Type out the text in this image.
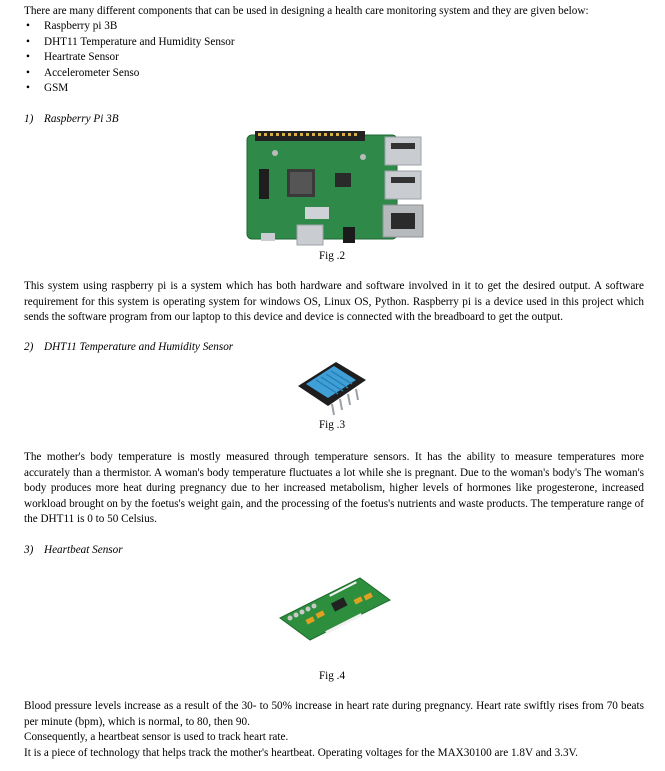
There are many different components that can be used in designing a health care monitoring system and they are given below:

• Raspberry pi 3B
• DHT11 Temperature and Humidity Sensor
• Heartrate Sensor
• Accelerometer Senso
• GSM
1) Raspberry Pi 3B
Fig .2

This system using raspberry pi is a system which has both hardware and software involved in it to get the desired output. A software requirement for this system is operating system for windows OS, Linux OS, Python. Raspberry pi is a device used in this project which sends the software program from our laptop to this device and device is connected with the breadboard to get the output.

2) DHT11 Temperature and Humidity Sensor
Fig .3

The mother's body temperature is mostly measured through temperature sensors. It has the ability to measure temperatures more accurately than a thermistor. A woman's body temperature fluctuates a lot while she is pregnant. Due to the woman's body's The woman's body produces more heat during pregnancy due to her increased metabolism, higher levels of hormones like progesterone, increased workload brought on by the foetus's weight gain, and the processing of the foetus's nutrients and waste products. The temperature range of the DHT11 is 0 to 50 Celsius.

3) Heartbeat Sensor
Fig .4

Blood pressure levels increase as a result of the 30- to 50% increase in heart rate during pregnancy. Heart rate swiftly rises from 70 beats per minute (bpm), which is normal, to 80, then 90.

Consequently, a heartbeat sensor is used to track heart rate.

It is a piece of technology that helps track the mother's heartbeat. Operating voltages for the MAX30100 are 1.8V and 3.3V.
